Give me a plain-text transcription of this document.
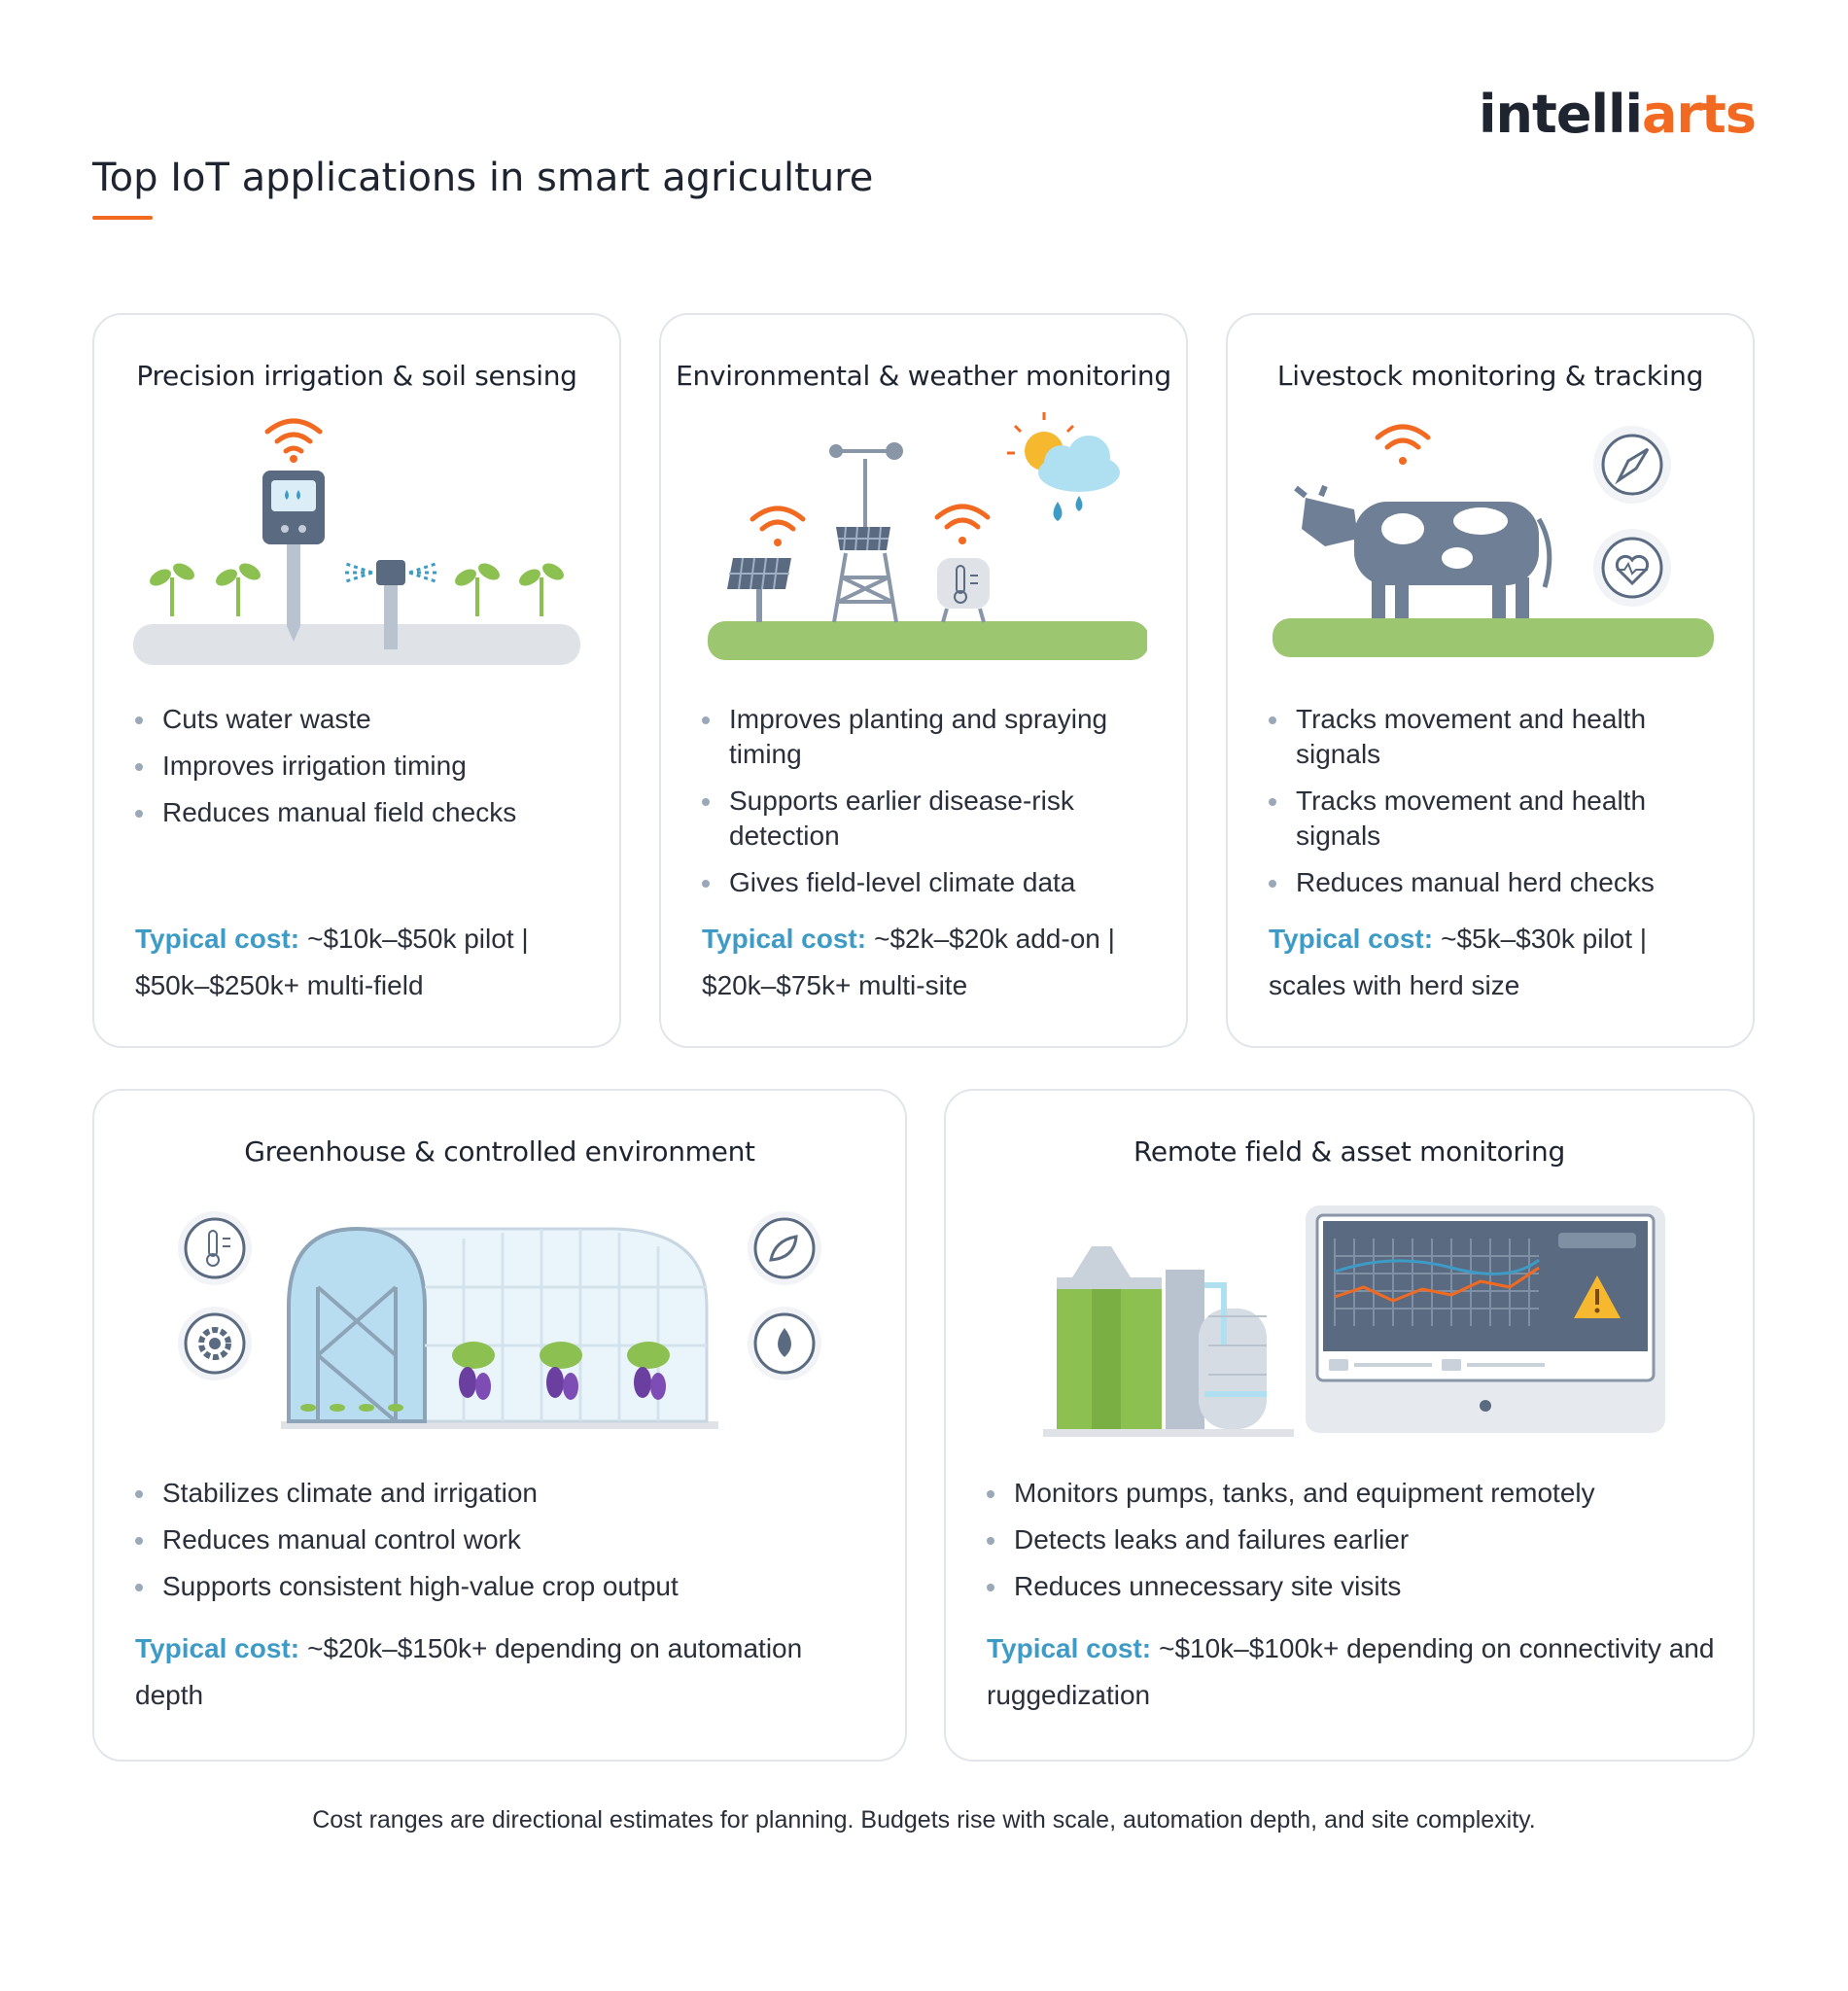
intelliarts
Top IoT applications in smart agriculture
Precision irrigation & soil sensing
Cuts water waste
Improves irrigation timing
Reduces manual field checks
Typical cost: ~$10k–$50k pilot | $50k–$250k+ multi-field
Environmental & weather monitoring
Improves planting and spraying timing
Supports earlier disease-risk detection
Gives field-level climate data
Typical cost: ~$2k–$20k add-on | $20k–$75k+ multi-site
Livestock monitoring & tracking
Tracks movement and health signals
Tracks movement and health signals
Reduces manual herd checks
Typical cost: ~$5k–$30k pilot | scales with herd size
Greenhouse & controlled environment
Stabilizes climate and irrigation
Reduces manual control work
Supports consistent high-value crop output
Typical cost: ~$20k–$150k+ depending on automation depth
Remote field & asset monitoring
Monitors pumps, tanks, and equipment remotely
Detects leaks and failures earlier
Reduces unnecessary site visits
Typical cost: ~$10k–$100k+ depending on connectivity and ruggedization
Cost ranges are directional estimates for planning. Budgets rise with scale, automation depth, and site complexity.
